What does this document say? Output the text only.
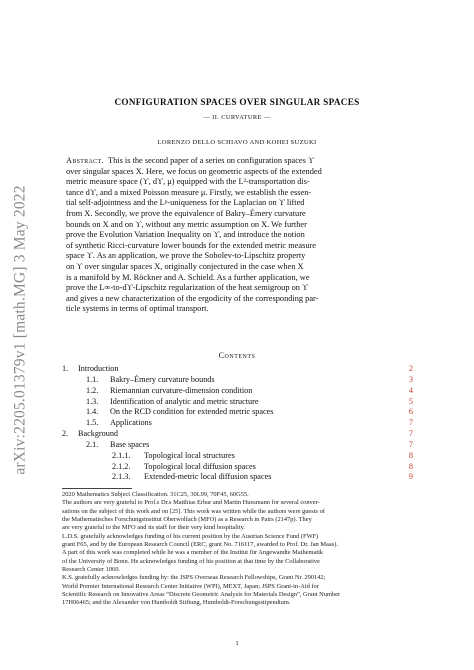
arXiv:2205.01379v1 [math.MG] 3 May 2022
CONFIGURATION SPACES OVER SINGULAR SPACES
— II. CURVATURE —
LORENZO DELLO SCHIAVO AND KOHEI SUZUKI
Abstract. This is the second paper of a series on configuration spaces ϒ
over singular spaces X. Here, we focus on geometric aspects of the extended
metric measure space (ϒ, dϒ, μ) equipped with the L²-transportation dis-
tance dϒ, and a mixed Poisson measure μ. Firstly, we establish the essen-
tial self-adjointness and the Lᵖ-uniqueness for the Laplacian on ϒ lifted
from X. Secondly, we prove the equivalence of Bakry–Émery curvature
bounds on X and on ϒ, without any metric assumption on X. We further
prove the Evolution Variation Inequality on ϒ, and introduce the notion
of synthetic Ricci-curvature lower bounds for the extended metric measure
space ϒ. As an application, we prove the Sobolev-to-Lipschitz property
on ϒ over singular spaces X, originally conjectured in the case when X
is a manifold by M. Röckner and A. Schield. As a further application, we
prove the L∞-to-dϒ-Lipschitz regularization of the heat semigroup on ϒ
and gives a new characterization of the ergodicity of the corresponding par-
ticle systems in terms of optimal transport.
Contents
1. Introduction	2
1.1. Bakry–Émery curvature bounds	3
1.2. Riemannian curvature-dimension condition	4
1.3. Identification of analytic and metric structure	5
1.4. On the RCD condition for extended metric spaces	6
1.5. Applications	7
2. Background	7
2.1. Base spaces	7
2.1.1. Topological local structures	8
2.1.2. Topological local diffusion spaces	8
2.1.3. Extended-metric local diffusion spaces	9
2020 Mathematics Subject Classification. 31C25, 30L99, 70F45, 60G55.
The authors are very grateful to Prof.s Dr.s Matthias Erbar and Martin Huesmann for several conver-
sations on the subject of this work and on [25]. This work was written while the authors were guests of
the Mathematisches Forschungsinstitut Oberwolfach (MFO) as a Research in Pairs (2147p). They
are very grateful to the MFO and its staff for their very kind hospitality.
L.D.S. gratefully acknowledges funding of his current position by the Austrian Science Fund (FWF)
grant F65, and by the European Research Council (ERC, grant No. 716117, awarded to Prof. Dr. Jan Maas).
A part of this work was completed while he was a member of the Institut für Angewandte Mathematik
of the University of Bonn. He acknowledges funding of his position at that time by the Collaborative
Research Center 1060.
K.S. gratefully acknowledges funding by: the JSPS Overseas Research Fellowships, Grant Nr. 290142;
World Premier International Research Center Initiative (WPI), MEXT, Japan; JSPS Grant-in-Aid for
Scientific Research on Innovative Areas “Discrete Geometric Analysis for Materials Design”, Grant Number
17H06465; and the Alexander von Humboldt Stiftung, Humboldt-Forschungsstipendium.
1
